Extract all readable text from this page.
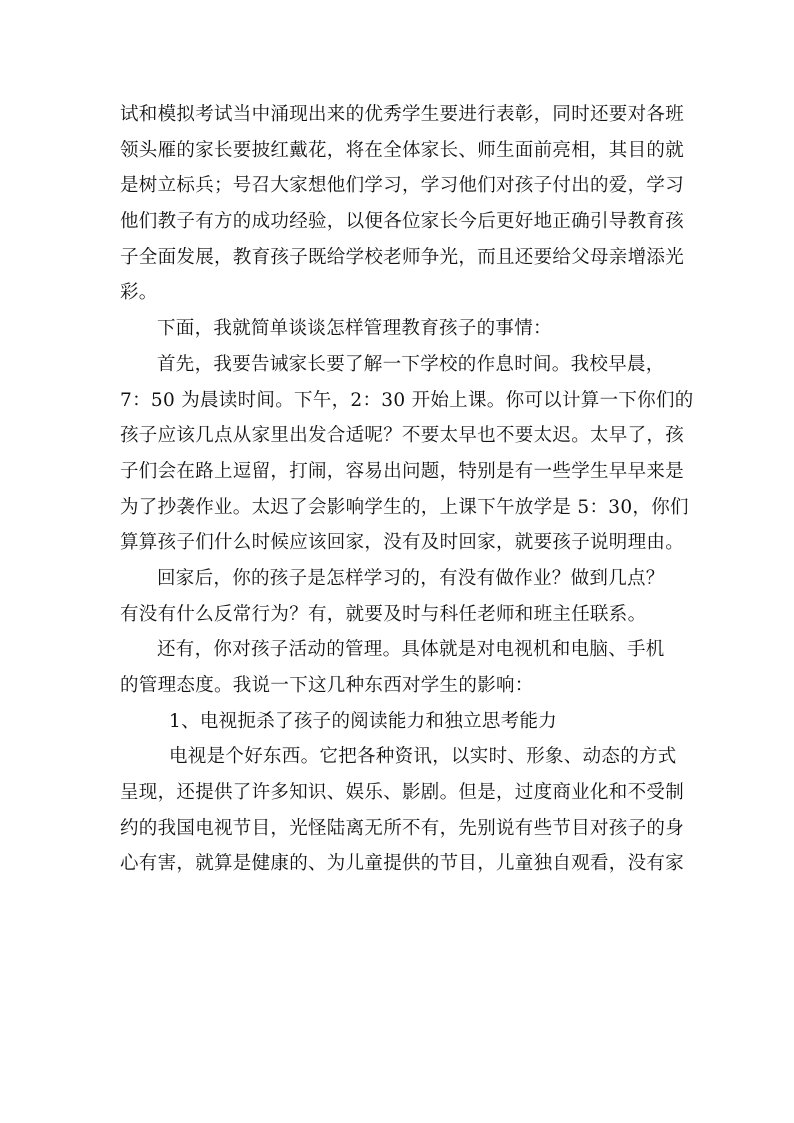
试和模拟考试当中涌现出来的优秀学生要进行表彰，同时还要对各班
领头雁的家长要披红戴花，将在全体家长、师生面前亮相，其目的就
是树立标兵；号召大家想他们学习，学习他们对孩子付出的爱，学习
他们教子有方的成功经验，以便各位家长今后更好地正确引导教育孩
子全面发展，教育孩子既给学校老师争光，而且还要给父母亲增添光
彩。
下面，我就简单谈谈怎样管理教育孩子的事情：
首先，我要告诫家长要了解一下学校的作息时间。我校早晨，
7：50 为晨读时间。下午，2：30 开始上课。你可以计算一下你们的
孩子应该几点从家里出发合适呢？不要太早也不要太迟。太早了，孩
子们会在路上逗留，打闹，容易出问题，特别是有一些学生早早来是
为了抄袭作业。太迟了会影响学生的，上课下午放学是 5：30，你们
算算孩子们什么时候应该回家，没有及时回家，就要孩子说明理由。
回家后，你的孩子是怎样学习的，有没有做作业？做到几点？
有没有什么反常行为？有，就要及时与科任老师和班主任联系。
还有，你对孩子活动的管理。具体就是对电视机和电脑、手机
的管理态度。我说一下这几种东西对学生的影响：
1、电视扼杀了孩子的阅读能力和独立思考能力
电视是个好东西。它把各种资讯，以实时、形象、动态的方式
呈现，还提供了许多知识、娱乐、影剧。但是，过度商业化和不受制
约的我国电视节目，光怪陆离无所不有，先别说有些节目对孩子的身
心有害，就算是健康的、为儿童提供的节目，儿童独自观看，没有家
